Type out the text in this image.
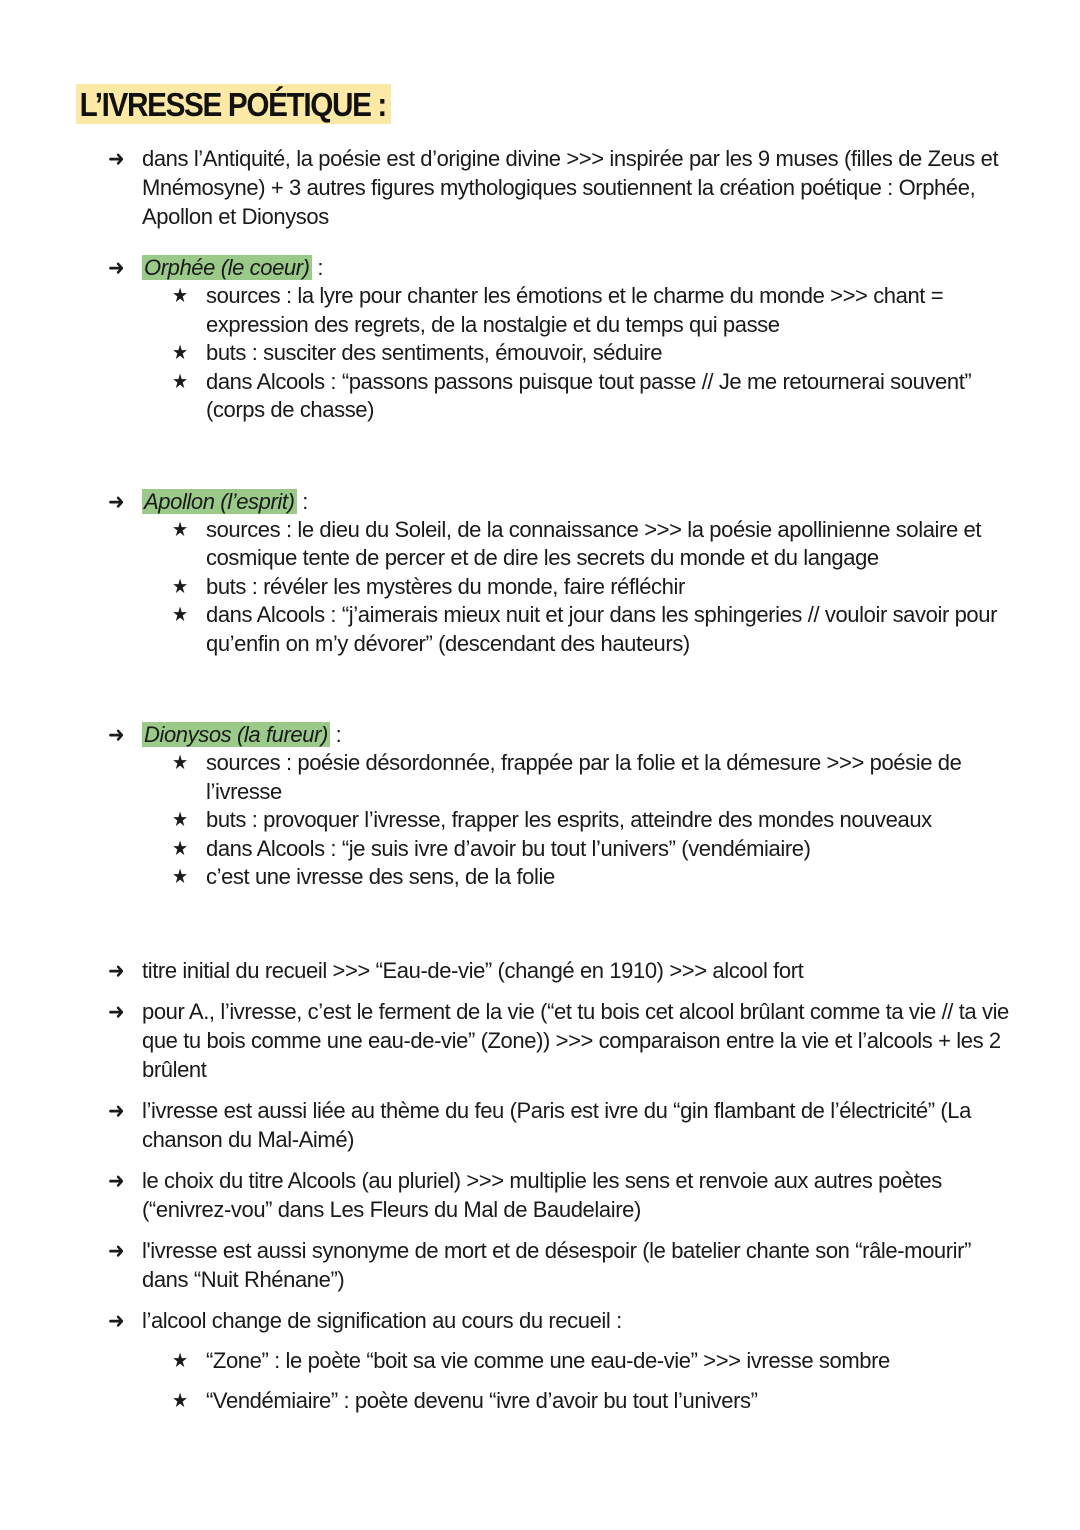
L’IVRESSE POÉTIQUE :
➜ dans l’Antiquité, la poésie est d’origine divine >>> inspirée par les 9 muses (filles de Zeus et Mnémosyne) + 3 autres figures mythologiques soutiennent la création poétique : Orphée, Apollon et Dionysos
➜ Orphée (le coeur) :
★ sources : la lyre pour chanter les émotions et le charme du monde >>> chant = expression des regrets, de la nostalgie et du temps qui passe
★ buts : susciter des sentiments, émouvoir, séduire
★ dans Alcools : “passons passons puisque tout passe // Je me retournerai souvent” (corps de chasse)
➜ Apollon (l’esprit) :
★ sources : le dieu du Soleil, de la connaissance >>> la poésie apollinienne solaire et cosmique tente de percer et de dire les secrets du monde et du langage
★ buts : révéler les mystères du monde, faire réfléchir
★ dans Alcools : “j’aimerais mieux nuit et jour dans les sphingeries // vouloir savoir pour qu’enfin on m’y dévorer” (descendant des hauteurs)
➜ Dionysos (la fureur) :
★ sources : poésie désordonnée, frappée par la folie et la démesure >>> poésie de l’ivresse
★ buts : provoquer l’ivresse, frapper les esprits, atteindre des mondes nouveaux
★ dans Alcools : “je suis ivre d’avoir bu tout l’univers” (vendémiaire)
★ c’est une ivresse des sens, de la folie
➜ titre initial du recueil >>> “Eau-de-vie” (changé en 1910) >>> alcool fort
➜ pour A., l’ivresse, c’est le ferment de la vie (“et tu bois cet alcool brûlant comme ta vie // ta vie que tu bois comme une eau-de-vie” (Zone)) >>> comparaison entre la vie et l’alcools + les 2 brûlent
➜ l’ivresse est aussi liée au thème du feu (Paris est ivre du “gin flambant de l’électricité” (La chanson du Mal-Aimé)
➜ le choix du titre Alcools (au pluriel) >>> multiplie les sens et renvoie aux autres poètes (“enivrez-vou” dans Les Fleurs du Mal de Baudelaire)
➜ l'ivresse est aussi synonyme de mort et de désespoir (le batelier chante son “râle-mourir” dans “Nuit Rhénane”)
➜ l’alcool change de signification au cours du recueil :
★ “Zone” : le poète “boit sa vie comme une eau-de-vie” >>> ivresse sombre
★ “Vendémiaire” : poète devenu “ivre d’avoir bu tout l’univers”
